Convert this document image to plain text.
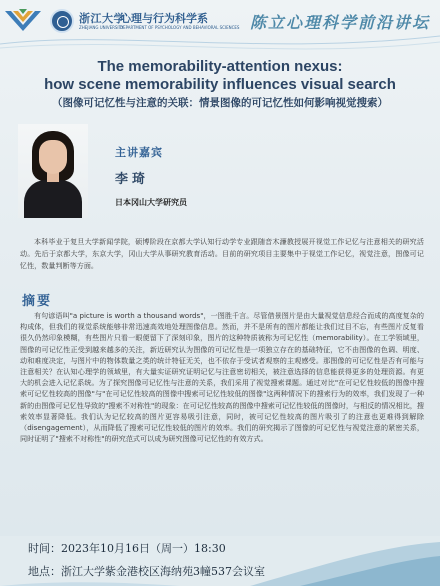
浙江大学
ZHEJIANG UNIVERSITY
心理与行为科学系
DEPARTMENT OF PSYCHOLOGY AND BEHAVIORAL SCIENCES 陈立心理科学前沿讲坛
The memorability-attention nexus:
how scene memorability influences visual search
（图像可记忆性与注意的关联：情景图像的可记忆性如何影响视觉搜索）
主讲嘉宾
李琦
日本冈山大学研究员

本科毕业于复旦大学新闻学院，硕博阶段在京都大学认知行动学专业跟随音木濂教授展开视觉工作记忆与注意相关的研究活动。先后于京都大学，东京大学，冈山大学从事研究教育活动。目前的研究项目主要集中于视觉工作记忆，视觉注意，图像可记忆性，数量判断等方面。

摘要

有句谚语叫"a picture is worth a thousand words"，一图胜千言。尽管借景图片是由大量视觉信息经合而成的高度复杂的构成体，但我们的视觉系统能够非常迅速高效地处理图像信息。然而，并不是所有的图片都能让我们过目不忘，有些图片反复看很久仍然印象模糊，有些图片只看一眼便留下了深刻印象，图片的这种特质被称为可记忆性（memorability）。在工学领域里，图像的可记忆性正受到越来越多的关注，新近研究认为图像的可记忆性是一项独立存在的基础特征，它不由图像的色调、明度、动和难度决定，与图片中的物体数量之类的统计特征无关，也不依存于受试者观察的主观感受。那图像的可记忆性是否有可能与注意相关？在认知心理学的领域里，有大量实证研究证明记忆与注意密切相关，被注意选择的信息能获得更多的处理资源。有更大的机会进入记忆系统。为了探究图像可记忆性与注意的关系，我们采用了视觉搜索课题。通过对比"在可记忆性较低的图像中搜索可记忆性较高的图像"与"在可记忆性较高的图像中搜索可记忆性较低的图像"这两种情况下的搜索行为的效率，我们发现了一种新的由图像可记忆性导致的"搜索不对称性"的现象：在可记忆性较高的图像中搜索可记忆性较低的图像时，与相反的情况相比，搜索效率显著降低。我们认为记忆较高的图片更容易吸引注意，同时，被可记忆性较高的图片吸引了的注意也更难得到解除（disengagement），从而降低了搜索可记忆性较低的图片的效率。我们的研究揭示了图像的可记忆性与视觉注意的紧密关系，同时证明了"搜索不对称性"的研究范式可以成为研究图像可记忆性的有效方式。

时间：2023年10月16日（周一）18:30
地点：浙江大学紫金港校区海纳苑3幢537会议室
